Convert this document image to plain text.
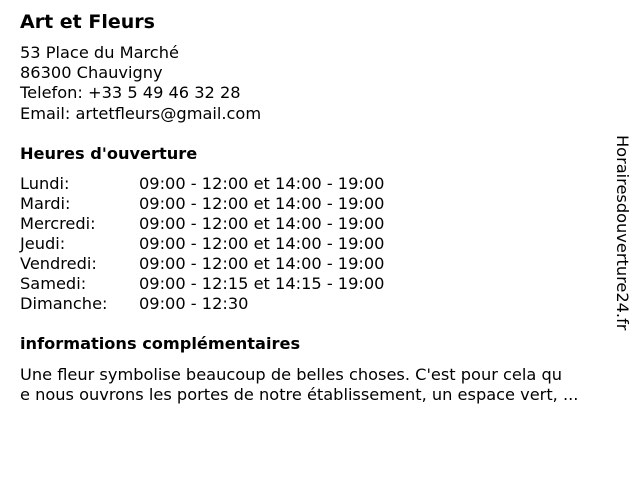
Art et Fleurs
53 Place du Marché
86300 Chauvigny
Telefon: +33 5 49 46 32 28
Email: artetfleurs@gmail.com
Heures d'ouverture
Lundi:	09:00 - 12:00 et 14:00 - 19:00
Mardi:	09:00 - 12:00 et 14:00 - 19:00
Mercredi:	09:00 - 12:00 et 14:00 - 19:00
Jeudi:	09:00 - 12:00 et 14:00 - 19:00
Vendredi:	09:00 - 12:00 et 14:00 - 19:00
Samedi:	09:00 - 12:15 et 14:15 - 19:00
Dimanche: 09:00 - 12:30
informations complémentaires
Une fleur symbolise beaucoup de belles choses. C'est pour cela qu
e nous ouvrons les portes de notre établissement, un espace vert, ...
Horairesdouverture24.fr
